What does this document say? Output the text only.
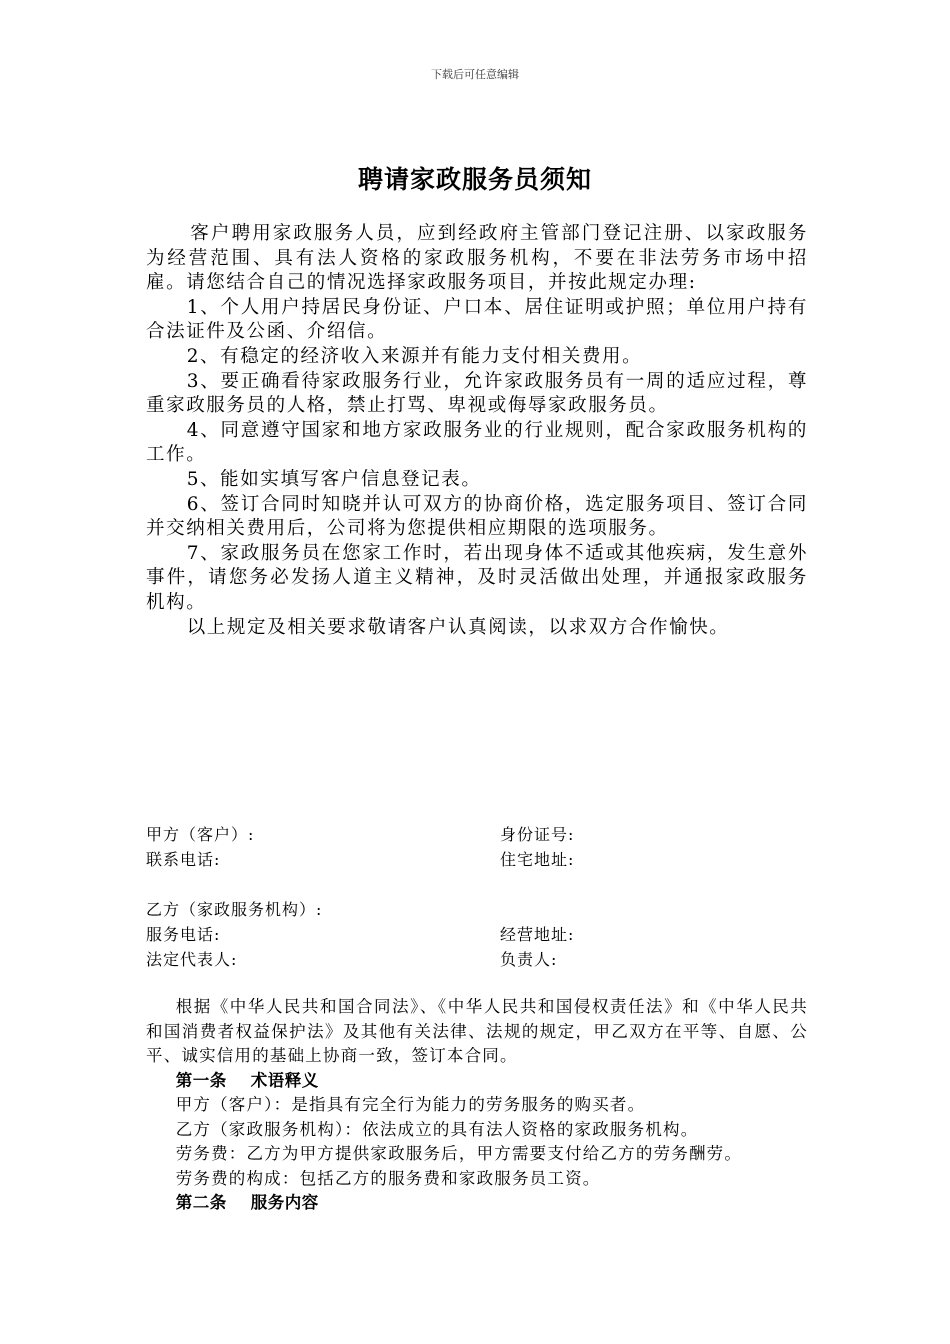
下载后可任意编辑
聘请家政服务员须知

客户聘用家政服务人员，应到经政府主管部门登记注册、以家政服务为经营范围、具有法人资格的家政服务机构，不要在非法劳务市场中招雇。请您结合自己的情况选择家政服务项目，并按此规定办理:

1、个人用户持居民身份证、户口本、居住证明或护照；单位用户持有合法证件及公函、介绍信。

2、有稳定的经济收入来源并有能力支付相关费用。

3、要正确看待家政服务行业，允许家政服务员有一周的适应过程，尊重家政服务员的人格，禁止打骂、卑视或侮辱家政服务员。

4、同意遵守国家和地方家政服务业的行业规则，配合家政服务机构的工作。

5、能如实填写客户信息登记表。

6、签订合同时知晓并认可双方的协商价格，选定服务项目、签订合同并交纳相关费用后，公司将为您提供相应期限的选项服务。

7、家政服务员在您家工作时，若出现身体不适或其他疾病，发生意外事件，请您务必发扬人道主义精神，及时灵活做出处理，并通报家政服务机构。

以上规定及相关要求敬请客户认真阅读，以求双方合作愉快。

甲方（客户）:	身份证号:
联系电话:	住宅地址:
乙方（家政服务机构）:
服务电话:	经营地址:
法定代表人:	负责人:

根据《中华人民共和国合同法》、《中华人民共和国侵权责任法》和《中华人民共和国消费者权益保护法》及其他有关法律、法规的规定，甲乙双方在平等、自愿、公平、诚实信用的基础上协商一致，签订本合同。

第一条 术语释义

甲方（客户）：是指具有完全行为能力的劳务服务的购买者。

乙方（家政服务机构）：依法成立的具有法人资格的家政服务机构。

劳务费：乙方为甲方提供家政服务后，甲方需要支付给乙方的劳务酬劳。

劳务费的构成：包括乙方的服务费和家政服务员工资。

第二条 服务内容
